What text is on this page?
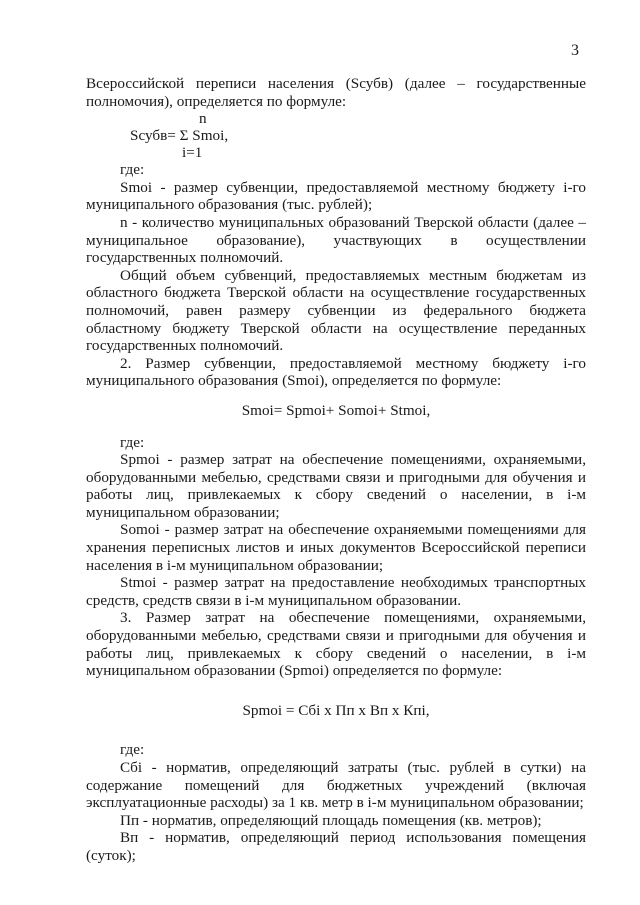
3

Всероссийской переписи населения (Sсубв) (далее – государственные полномочия), определяется по формуле:

n
Sсубв= Σ Smoi,
i=1

где:

Smoi - размер субвенции, предоставляемой местному бюджету i-го муниципального образования (тыс. рублей);

n - количество муниципальных образований Тверской области (далее – муниципальное образование), участвующих в осуществлении государственных полномочий.

Общий объем субвенций, предоставляемых местным бюджетам из областного бюджета Тверской области на осуществление государственных полномочий, равен размеру субвенции из федерального бюджета областному бюджету Тверской области на осуществление переданных государственных полномочий.

2. Размер субвенции, предоставляемой местному бюджету i-го муниципального образования (Smoi), определяется по формуле:

Smoi= Spmoi+ Somoi+ Stmoi,

где:

Spmoi - размер затрат на обеспечение помещениями, охраняемыми, оборудованными мебелью, средствами связи и пригодными для обучения и работы лиц, привлекаемых к сбору сведений о населении, в i-м муниципальном образовании;

Somoi - размер затрат на обеспечение охраняемыми помещениями для хранения переписных листов и иных документов Всероссийской переписи населения в i-м муниципальном образовании;

Stmoi - размер затрат на предоставление необходимых транспортных средств, средств связи в i-м муниципальном образовании.

3. Размер затрат на обеспечение помещениями, охраняемыми, оборудованными мебелью, средствами связи и пригодными для обучения и работы лиц, привлекаемых к сбору сведений о населении, в i-м муниципальном образовании (Spmoi) определяется по формуле:

Spmoi = Cбi x Пп x Вп x Кпi,

где:

Cбi - норматив, определяющий затраты (тыс. рублей в сутки) на содержание помещений для бюджетных учреждений (включая эксплуатационные расходы) за 1 кв. метр в i-м муниципальном образовании;

Пп - норматив, определяющий площадь помещения (кв. метров);

Вп - норматив, определяющий период использования помещения (суток);
